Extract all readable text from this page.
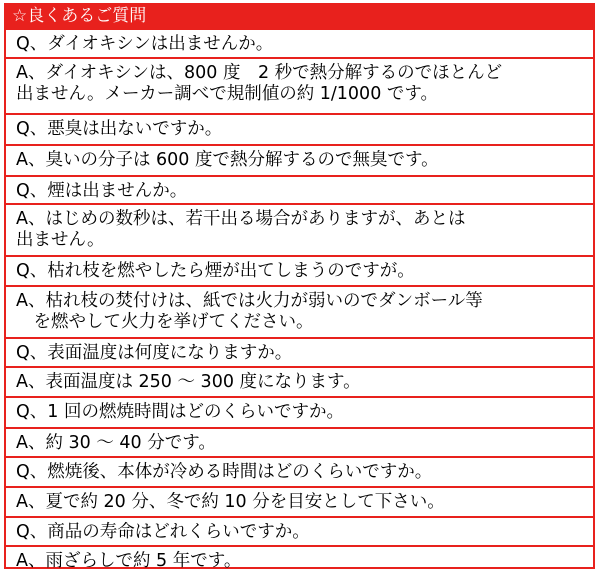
☆良くあるご質問
Q、ダイオキシンは出ませんか。
A、ダイオキシンは、800 度　2 秒で熱分解するのでほとんど
出ません。メーカー調べで規制値の約 1/1000 です。
Q、悪臭は出ないですか。
A、臭いの分子は 600 度で熱分解するので無臭です。
Q、煙は出ませんか。
A、はじめの数秒は、若干出る場合がありますが、あとは
出ません。
Q、枯れ枝を燃やしたら煙が出てしまうのですが。
A、枯れ枝の焚付けは、紙では火力が弱いのでダンボール等
　を燃やして火力を挙げてください。
Q、表面温度は何度になりますか。
A、表面温度は 250 ～ 300 度になります。
Q、1 回の燃焼時間はどのくらいですか。
A、約 30 ～ 40 分です。
Q、燃焼後、本体が冷める時間はどのくらいですか。
A、夏で約 20 分、冬で約 10 分を目安として下さい。
Q、商品の寿命はどれくらいですか。
A、雨ざらしで約 5 年です。
